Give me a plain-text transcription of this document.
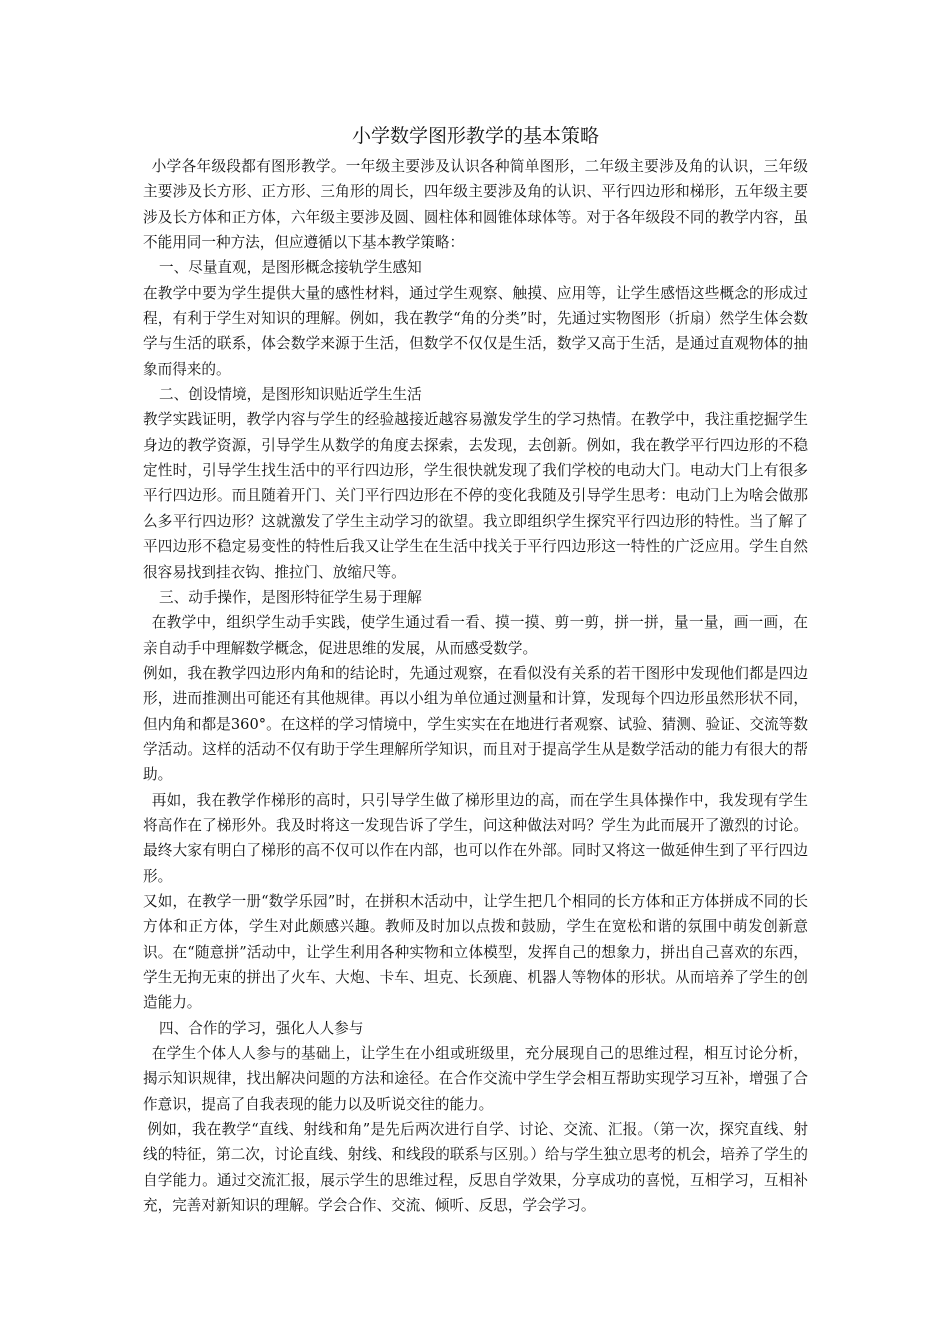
小学数学图形教学的基本策略

小学各年级段都有图形教学。一年级主要涉及认识各种简单图形，二年级主要涉及角的认识，三年级主要涉及长方形、正方形、三角形的周长，四年级主要涉及角的认识、平行四边形和梯形，五年级主要涉及长方体和正方体，六年级主要涉及圆、圆柱体和圆锥体球体等。对于各年级段不同的教学内容，虽不能用同一种方法，但应遵循以下基本教学策略：

一、尽量直观，是图形概念接轨学生感知

在教学中要为学生提供大量的感性材料，通过学生观察、触摸、应用等，让学生感悟这些概念的形成过程，有利于学生对知识的理解。例如，我在教学“角的分类”时，先通过实物图形（折扇）然学生体会数学与生活的联系，体会数学来源于生活，但数学不仅仅是生活，数学又高于生活，是通过直观物体的抽象而得来的。

二、创设情境，是图形知识贴近学生生活

教学实践证明，教学内容与学生的经验越接近越容易激发学生的学习热情。在教学中，我注重挖掘学生身边的教学资源，引导学生从数学的角度去探索，去发现，去创新。例如，我在教学平行四边形的不稳定性时，引导学生找生活中的平行四边形，学生很快就发现了我们学校的电动大门。电动大门上有很多平行四边形。而且随着开门、关门平行四边形在不停的变化我随及引导学生思考：电动门上为啥会做那么多平行四边形？这就激发了学生主动学习的欲望。我立即组织学生探究平行四边形的特性。当了解了平四边形不稳定易变性的特性后我又让学生在生活中找关于平行四边形这一特性的广泛应用。学生自然很容易找到挂衣钩、推拉门、放缩尺等。

三、动手操作，是图形特征学生易于理解

在教学中，组织学生动手实践，使学生通过看一看、摸一摸、剪一剪，拼一拼，量一量，画一画，在亲自动手中理解数学概念，促进思维的发展，从而感受数学。

例如，我在教学四边形内角和的结论时，先通过观察，在看似没有关系的若干图形中发现他们都是四边形，进而推测出可能还有其他规律。再以小组为单位通过测量和计算，发现每个四边形虽然形状不同，但内角和都是360°。在这样的学习情境中，学生实实在在地进行者观察、试验、猜测、验证、交流等数学活动。这样的活动不仅有助于学生理解所学知识，而且对于提高学生从是数学活动的能力有很大的帮助。

再如，我在教学作梯形的高时，只引导学生做了梯形里边的高，而在学生具体操作中，我发现有学生将高作在了梯形外。我及时将这一发现告诉了学生，问这种做法对吗？学生为此而展开了激烈的讨论。最终大家有明白了梯形的高不仅可以作在内部，也可以作在外部。同时又将这一做延伸生到了平行四边形。

又如，在教学一册“数学乐园”时，在拼积木活动中，让学生把几个相同的长方体和正方体拼成不同的长方体和正方体，学生对此颇感兴趣。教师及时加以点拨和鼓励，学生在宽松和谐的氛围中萌发创新意识。在“随意拼”活动中，让学生利用各种实物和立体模型，发挥自己的想象力，拼出自己喜欢的东西，学生无拘无束的拼出了火车、大炮、卡车、坦克、长颈鹿、机器人等物体的形状。从而培养了学生的创造能力。

四、合作的学习，强化人人参与

在学生个体人人参与的基础上，让学生在小组或班级里，充分展现自己的思维过程，相互讨论分析，揭示知识规律，找出解决问题的方法和途径。在合作交流中学生学会相互帮助实现学习互补，增强了合作意识，提高了自我表现的能力以及听说交往的能力。

例如，我在教学“直线、射线和角”是先后两次进行自学、讨论、交流、汇报。（第一次，探究直线、射线的特征，第二次，讨论直线、射线、和线段的联系与区别。）给与学生独立思考的机会，培养了学生的自学能力。通过交流汇报，展示学生的思维过程，反思自学效果，分享成功的喜悦，互相学习，互相补充，完善对新知识的理解。学会合作、交流、倾听、反思，学会学习。
